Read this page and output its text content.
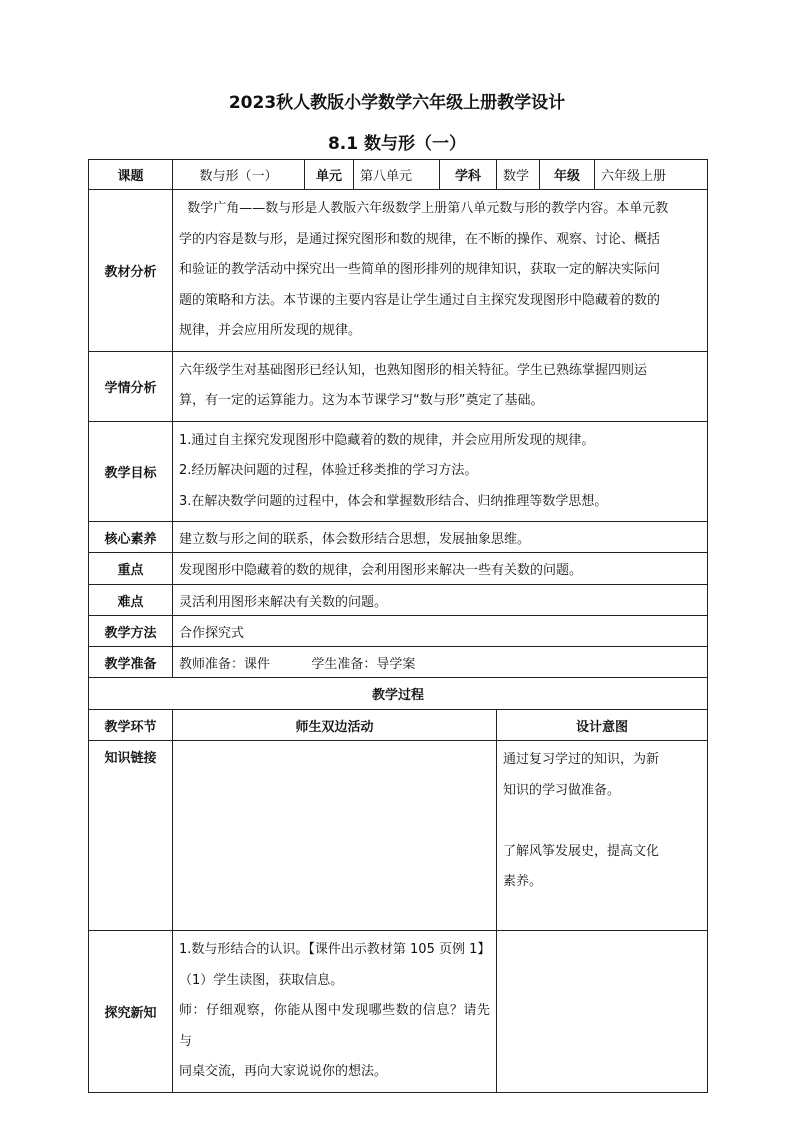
2023秋人教版小学数学六年级上册教学设计
8.1 数与形（一）
课题	数与形（一）	单元	第八单元	学科	数学	年级	六年级上册
教材分析	数学广角——数与形是人教版六年级数学上册第八单元数与形的教学内容。本单元教
学的内容是数与形，是通过探究图形和数的规律，在不断的操作、观察、讨论、概括
和验证的教学活动中探究出一些简单的图形排列的规律知识，获取一定的解决实际问
题的策略和方法。本节课的主要内容是让学生通过自主探究发现图形中隐藏着的数的
规律，并会应用所发现的规律。						

学情分析	六年级学生对基础图形已经认知，也熟知图形的相关特征。学生已熟练掌握四则运
算，有一定的运算能力。这为本节课学习“数与形”奠定了基础。						

教学目标	1.通过自主探究发现图形中隐藏着的数的规律，并会应用所发现的规律。
2.经历解决问题的过程，体验迁移类推的学习方法。
3.在解决数学问题的过程中，体会和掌握数形结合、归纳推理等数学思想。						

核心素养	建立数与形之间的联系，体会数形结合思想，发展抽象思维。						
重点	发现图形中隐藏着的数的规律，会利用图形来解决一些有关数的问题。						
难点	灵活利用图形来解决有关数的问题。						
教学方法	合作探究式						
教学准备	教师准备：课件          学生准备：导学案						
教学过程							
教学环节	师生双边活动				设计意图		
知识链接					通过复习学过的知识，为新
知识的学习做准备。
了解风筝发展史，提高文化
素养。		

探究新知	1.数与形结合的认识。【课件出示教材第 105 页例 1】
（1）学生读图，获取信息。
师：仔细观察，你能从图中发现哪些数的信息？请先与
同桌交流，再向大家说说你的想法。						
